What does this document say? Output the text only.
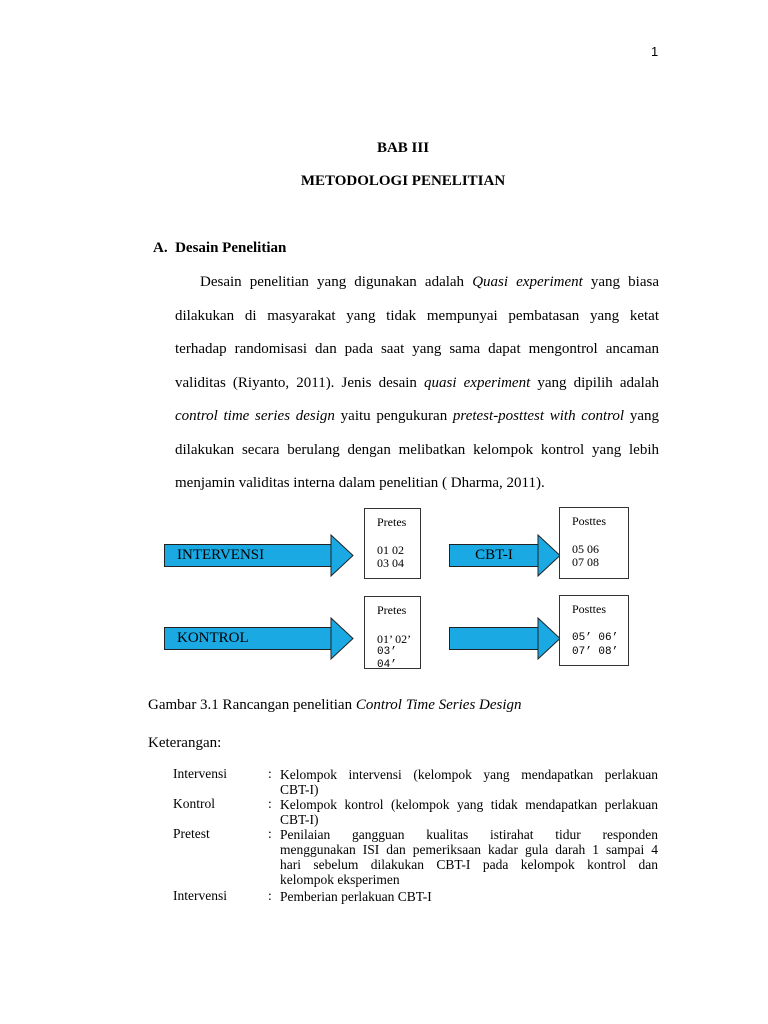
1
BAB III
METODOLOGI PENELITIAN
A. Desain Penelitian
Desain penelitian yang digunakan adalah Quasi experiment yang biasa
dilakukan di masyarakat yang tidak mempunyai pembatasan yang ketat
terhadap randomisasi dan pada saat yang sama dapat mengontrol ancaman
validitas (Riyanto, 2011). Jenis desain quasi experiment yang dipilih adalah
control time series design yaitu pengukuran pretest-posttest with control yang
dilakukan secara berulang dengan melibatkan kelompok kontrol yang lebih
menjamin validitas interna dalam penelitian ( Dharma, 2011).
INTERVENSI
Pretes
01 02
03 04	CBT-I
Posttes
05 06
07 08
KONTROL
Pretes
01’ 02’
03’ 04’
Posttes
05’ 06’
07’ 08’
Gambar 3.1 Rancangan penelitian Control Time Series Design
Keterangan:
Intervensi	: Kelompok intervensi (kelompok yang mendapatkan perlakuan
CBT-I)
Kontrol	: Kelompok kontrol (kelompok yang tidak mendapatkan perlakuan
CBT-I)
Pretest	: Penilaian gangguan kualitas istirahat tidur responden
menggunakan ISI dan pemeriksaan kadar gula darah 1 sampai 4
hari sebelum dilakukan CBT-I pada kelompok kontrol dan
kelompok eksperimen
Intervensi	: Pemberian perlakuan CBT-I
